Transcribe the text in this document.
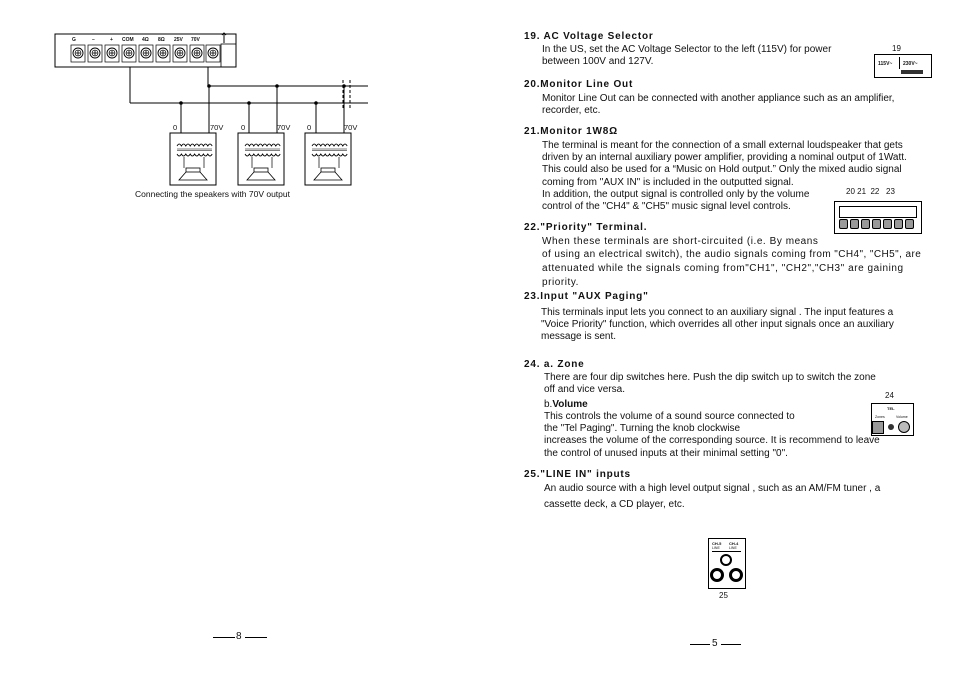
G	−	+ COM 4Ω 8Ω 25V 70V
0	70V 0	70V 0	70V
Connecting the speakers with 70V output
8
19. AC Voltage Selector
In the US, set the AC Voltage Selector to the left (115V) for power
between 100V and 127V.
19
115V~ 230V~
20.Monitor Line Out
Monitor Line Out can be connected with another appliance such as an amplifier,
recorder, etc.
21.Monitor 1W8Ω
The terminal is meant for the connection of a small external loudspeaker that gets
driven by an internal auxiliary power amplifier, providing a nominal output of 1Watt.
This could also be used for a “Music on Hold output.” Only the mixed audio signal
coming from "AUX IN" is included in the outputted signal.
In addition, the output signal is controlled only by the volume
control of the "CH4" & "CH5" music signal level controls.
20 21  22   23
22."Priority" Terminal.
When these terminals are short-circuited (i.e. By means
of using an electrical switch), the audio signals coming from "CH4", "CH5", are
attenuated while the signals coming from"CH1", "CH2","CH3" are gaining
priority.
23.Input "AUX Paging"
This terminals input lets you connect to an auxiliary signal . The input features a
"Voice Priority" function, which overrides all other input signals once an auxiliary
message is sent.
24. a. Zone
There are four dip switches here. Push the dip switch up to switch the zone
off and vice versa.
b.Volume
This controls the volume of a sound source connected to
the "Tel Paging". Turning the knob clockwise
increases the volume of the corresponding source. It is recommend to leave
the control of unused inputs at their minimal setting "0".
24
TEL
Zones	Volume
25."LINE IN" inputs
An audio source with a high level output signal , such as an AM/FM tuner , a
cassette deck, a CD player, etc.
CH-5 CH-4
LINE	LINE
25
5
